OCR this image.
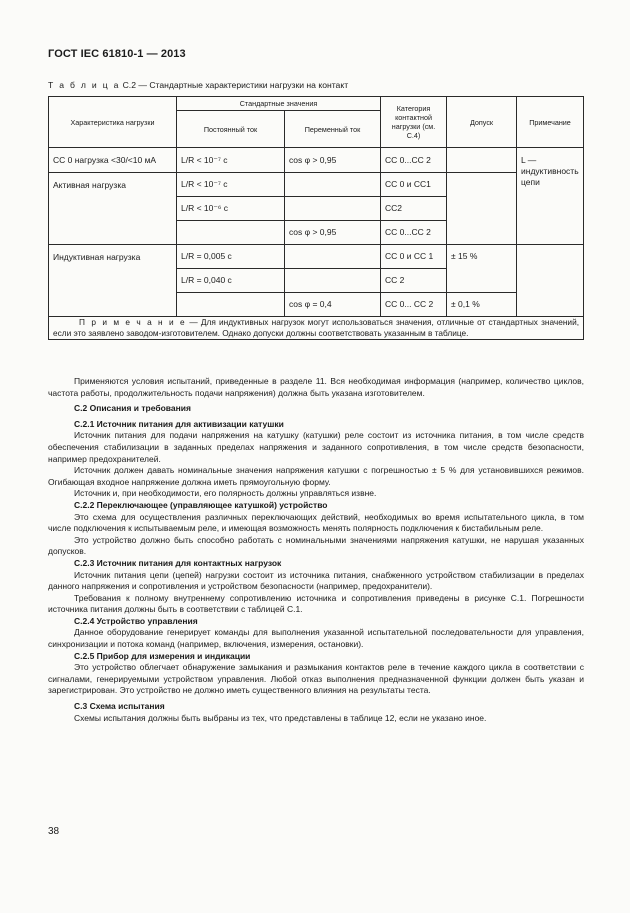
ГОСТ IEC 61810-1 — 2013
Т а б л и ц а С.2 — Стандартные характеристики нагрузки на контакт
Характеристика нагрузки	Стандартные значения		Категория контактной нагрузки (см. С.4)	Допуск	Примечание
	Постоянный ток	Переменный ток			
СС 0 нагрузка <30/<10 мА	L/R < 10⁻⁷ с	cos φ > 0,95	CC 0...CC 2		L — индуктивность цепи
Активная нагрузка	L/R < 10⁻⁷ с		CC 0 и CC1		
	L/R < 10⁻⁶ с		CC2		
		cos φ > 0,95	CC 0...CC 2		
Индуктивная нагрузка	L/R = 0,005 с		CC 0 и CC 1	± 15 %	
	L/R = 0,040 с		CC 2		
		cos φ = 0,4	CC 0... CC 2	± 0,1 %	
П р и м е ч а н и е — Для индуктивных нагрузок могут использоваться значения, отличные от стандартных значений, если это заявлено заводом-изготовителем. Однако допуски должны соответствовать указанным в таблице.					

Применяются условия испытаний, приведенные в разделе 11. Вся необходимая информация (например, количество циклов, частота работы, продолжительность подачи напряжения) должна быть указана изготовителем.

С.2 Описания и требования

С.2.1 Источник питания для активизации катушки

Источник питания для подачи напряжения на катушку (катушки) реле состоит из источника питания, в том числе средств обеспечения стабилизации в заданных пределах напряжения и заданного сопротивления, в том числе средств безопасности, например предохранителей.

Источник должен давать номинальные значения напряжения катушки с погрешностью ± 5 % для установившихся режимов. Огибающая входное напряжение должна иметь прямоугольную форму.

Источник и, при необходимости, его полярность должны управляться извне.

С.2.2 Переключающее (управляющее катушкой) устройство

Это схема для осуществления различных переключающих действий, необходимых во время испытательного цикла, в том числе подключения к испытываемым реле, и имеющая возможность менять полярность подключения к бистабильным реле.

Это устройство должно быть способно работать с номинальными значениями напряжения катушки, не нарушая указанных допусков.

С.2.3 Источник питания для контактных нагрузок

Источник питания цепи (цепей) нагрузки состоит из источника питания, снабженного устройством стабилизации в пределах данного напряжения и сопротивления и устройством безопасности (например, предохранители).

Требования к полному внутреннему сопротивлению источника и сопротивления приведены в рисунке С.1. Погрешности источника питания должны быть в соответствии с таблицей С.1.

С.2.4 Устройство управления

Данное оборудование генерирует команды для выполнения указанной испытательной последовательности для управления, синхронизации и потока команд (например, включения, измерения, остановки).

С.2.5 Прибор для измерения и индикации

Это устройство облегчает обнаружение замыкания и размыкания контактов реле в течение каждого цикла в соответствии с сигналами, генерируемыми устройством управления. Любой отказ выполнения предназначенной функции должен быть указан и зарегистрирован. Это устройство не должно иметь существенного влияния на результаты теста.

С.3 Схема испытания

Схемы испытания должны быть выбраны из тех, что представлены в таблице 12, если не указано иное.

38
